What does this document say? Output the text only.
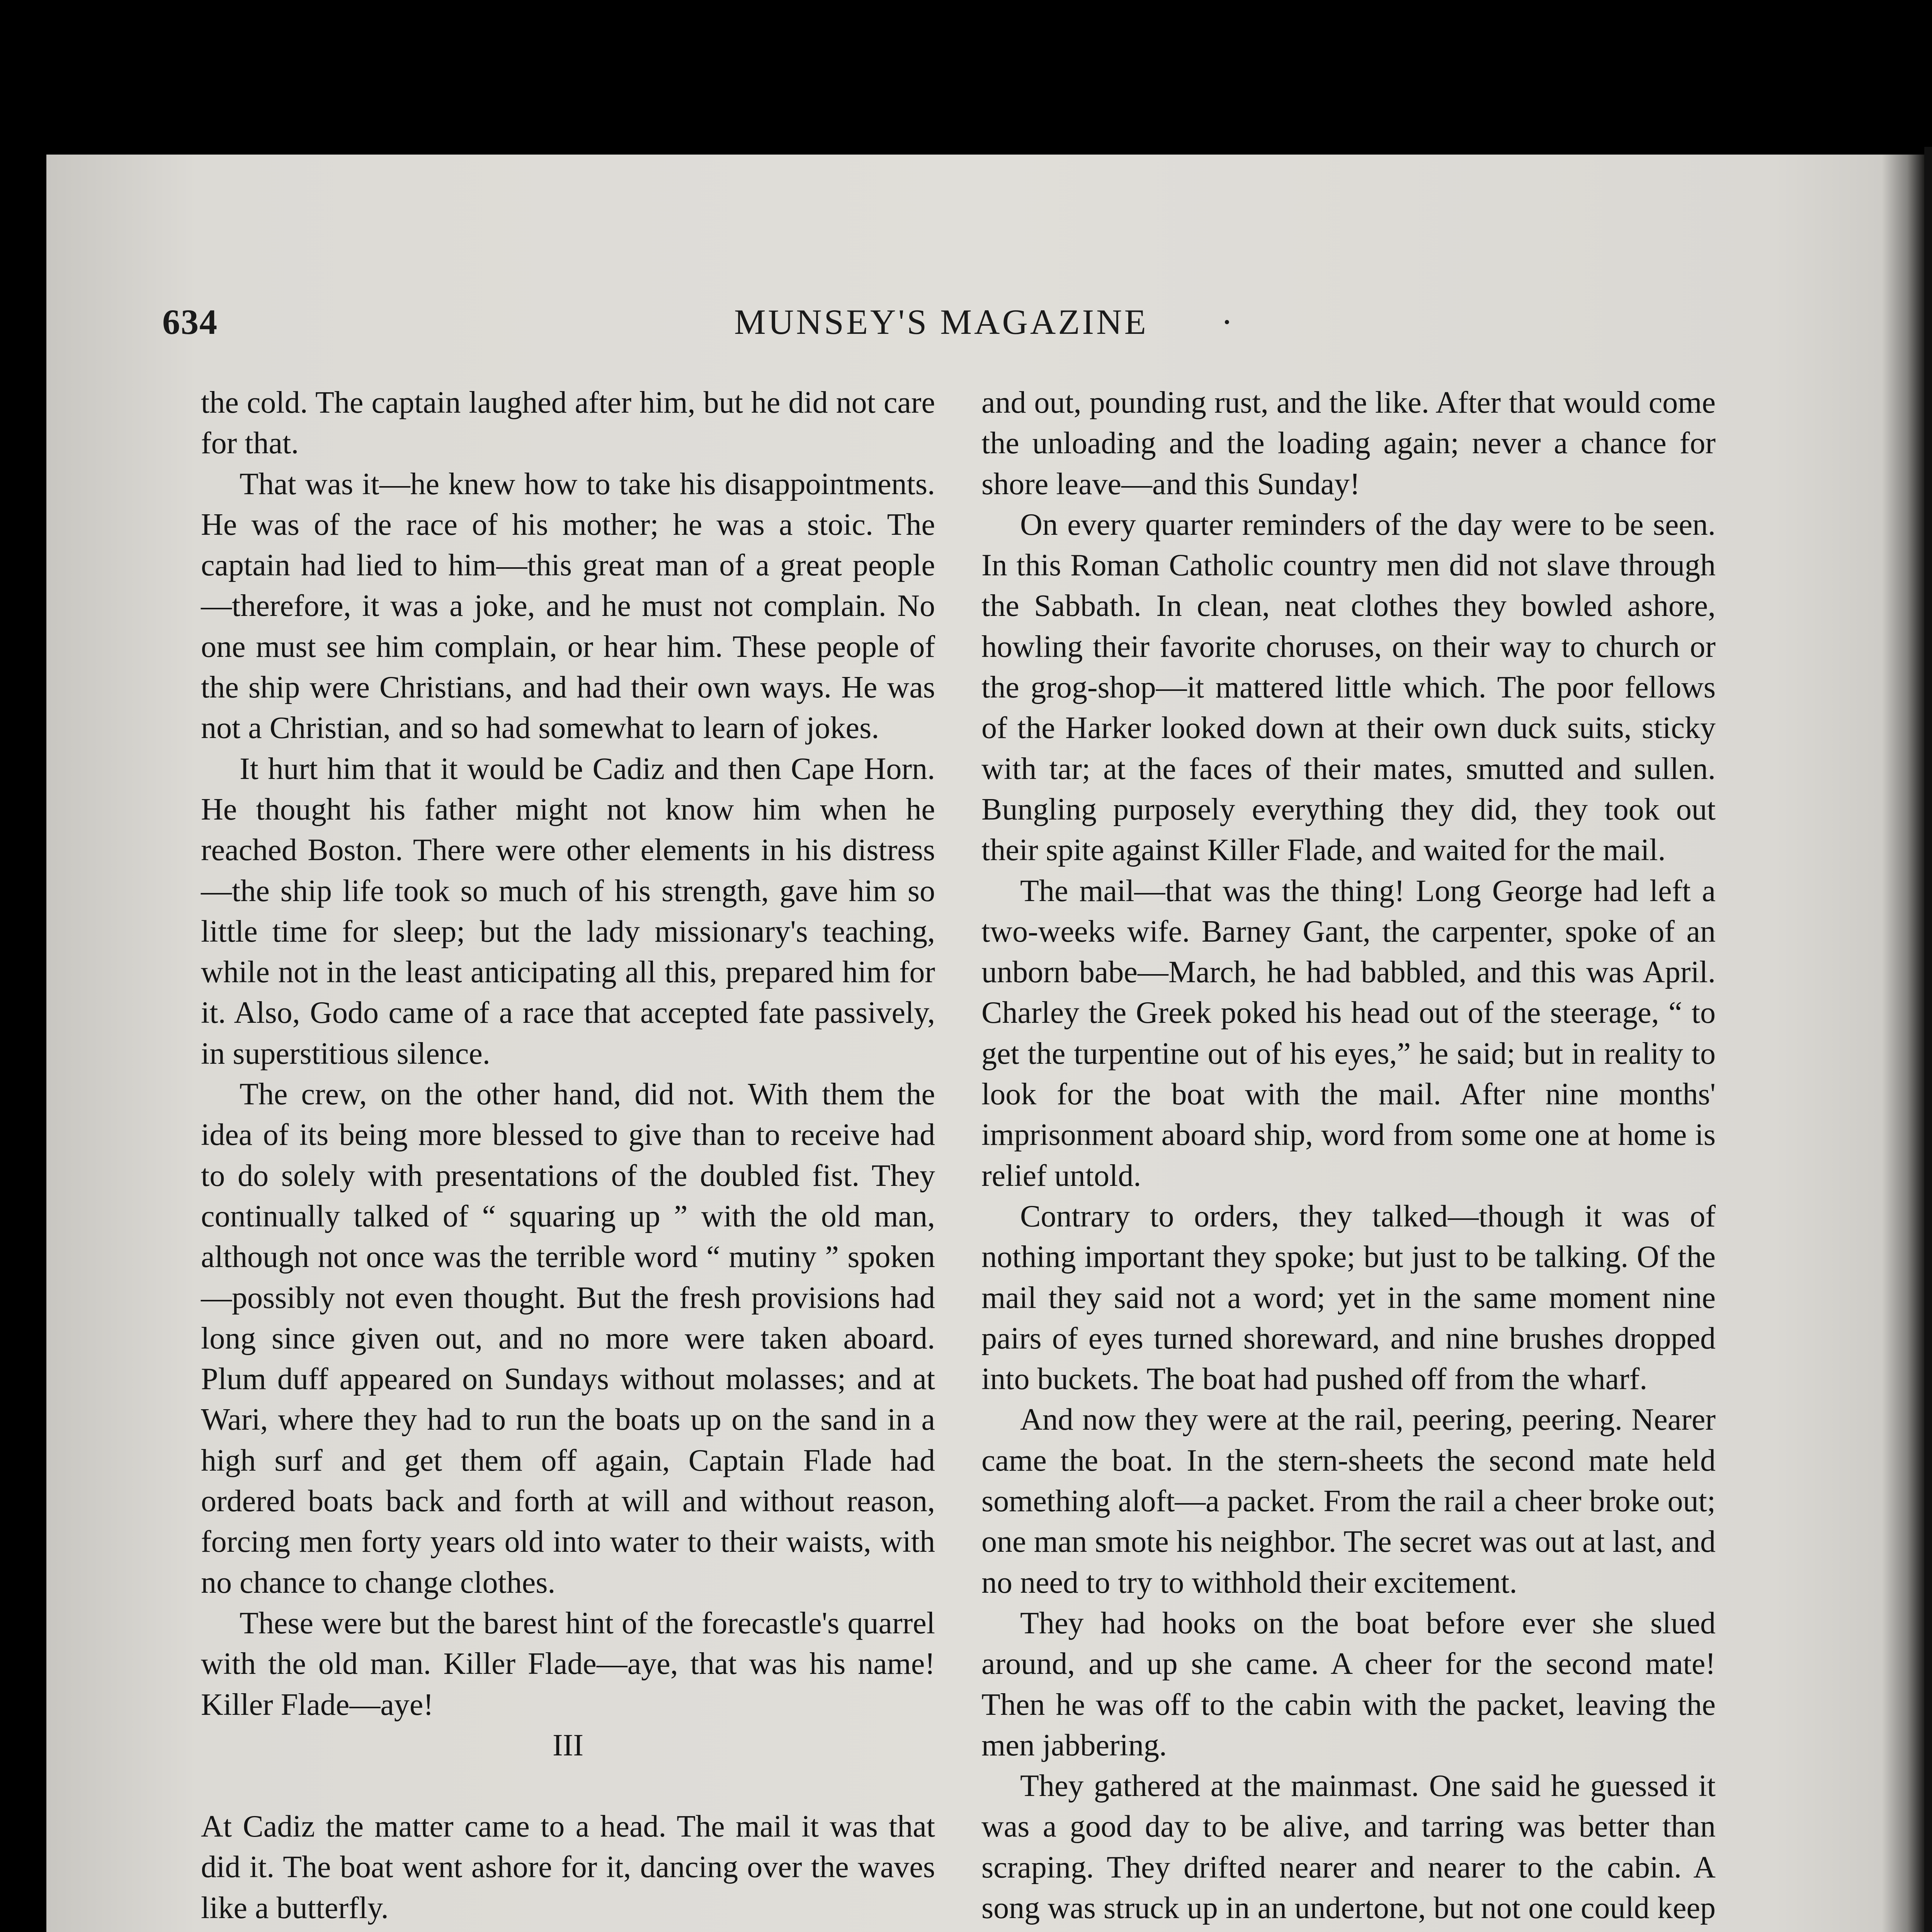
634	MUNSEY'S MAGAZINE ·

the cold. The captain laughed after him, but he did not care for that.

That was it—he knew how to take his disappointments. He was of the race of his mother; he was a stoic. The captain had lied to him—this great man of a great people—therefore, it was a joke, and he must not complain. No one must see him complain, or hear him. These people of the ship were Christians, and had their own ways. He was not a Christian, and so had somewhat to learn of jokes.

It hurt him that it would be Cadiz and then Cape Horn. He thought his father might not know him when he reached Boston. There were other elements in his distress—the ship life took so much of his strength, gave him so little time for sleep; but the lady missionary's teaching, while not in the least anticipating all this, prepared him for it. Also, Godo came of a race that accepted fate passively, in superstitious silence.

The crew, on the other hand, did not. With them the idea of its being more blessed to give than to receive had to do solely with presentations of the doubled fist. They continually talked of “ squaring up ” with the old man, although not once was the terrible word “ mutiny ” spoken—possibly not even thought. But the fresh provisions had long since given out, and no more were taken aboard. Plum duff appeared on Sundays without molasses; and at Wari, where they had to run the boats up on the sand in a high surf and get them off again, Captain Flade had ordered boats back and forth at will and without reason, forcing men forty years old into water to their waists, with no chance to change clothes.

These were but the barest hint of the forecastle's quarrel with the old man. Killer Flade—aye, that was his name! Killer Flade—aye!

III

At Cadiz the matter came to a head. The mail it was that did it. The boat went ashore for it, dancing over the waves like a butterfly.

and out, pounding rust, and the like. After that would come the unloading and the loading again; never a chance for shore leave—and this Sunday!

On every quarter reminders of the day were to be seen. In this Roman Catholic country men did not slave through the Sabbath. In clean, neat clothes they bowled ashore, howling their favorite choruses, on their way to church or the grog-shop—it mattered little which. The poor fellows of the Harker looked down at their own duck suits, sticky with tar; at the faces of their mates, smutted and sullen. Bungling purposely everything they did, they took out their spite against Killer Flade, and waited for the mail.

The mail—that was the thing! Long George had left a two-weeks wife. Barney Gant, the carpenter, spoke of an unborn babe—March, he had babbled, and this was April. Charley the Greek poked his head out of the steerage, “ to get the turpentine out of his eyes,” he said; but in reality to look for the boat with the mail. After nine months' imprisonment aboard ship, word from some one at home is relief untold.

Contrary to orders, they talked—though it was of nothing important they spoke; but just to be talking. Of the mail they said not a word; yet in the same moment nine pairs of eyes turned shoreward, and nine brushes dropped into buckets. The boat had pushed off from the wharf.

And now they were at the rail, peering, peering. Nearer came the boat. In the stern-sheets the second mate held something aloft—a packet. From the rail a cheer broke out; one man smote his neighbor. The secret was out at last, and no need to try to withhold their excitement.

They had hooks on the boat before ever she slued around, and up she came. A cheer for the second mate! Then he was off to the cabin with the packet, leaving the men jabbering.

They gathered at the mainmast. One said he guessed it was a good day to be alive, and tarring was better than scraping. They drifted nearer and nearer to the cabin. A song was struck up in an undertone, but not one could keep
